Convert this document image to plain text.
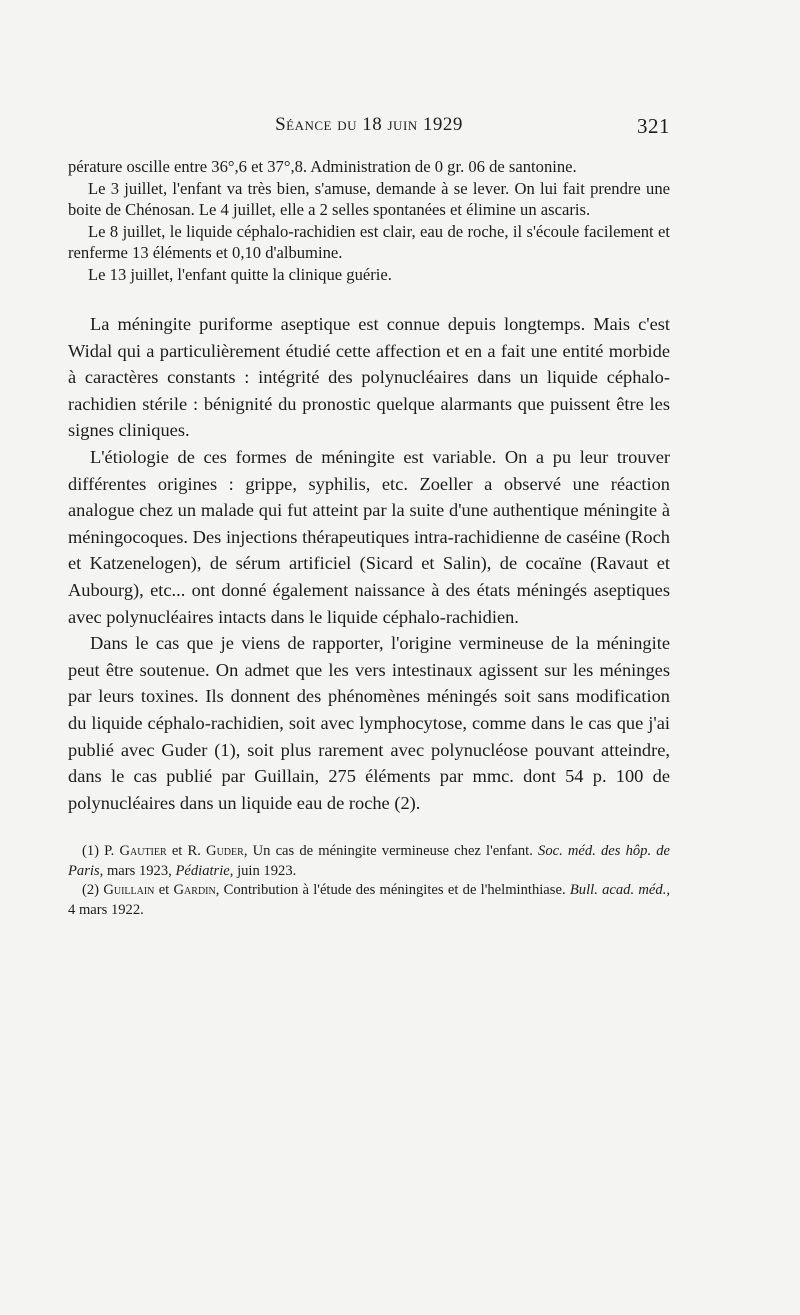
Séance du 18 juin 1929	321

pérature oscille entre 36°,6 et 37°,8. Administration de 0 gr. 06 de santonine.

Le 3 juillet, l'enfant va très bien, s'amuse, demande à se lever. On lui fait prendre une boite de Chénosan. Le 4 juillet, elle a 2 selles spontanées et élimine un ascaris.

Le 8 juillet, le liquide céphalo-rachidien est clair, eau de roche, il s'écoule facilement et renferme 13 éléments et 0,10 d'albumine.

Le 13 juillet, l'enfant quitte la clinique guérie.

La méningite puriforme aseptique est connue depuis longtemps. Mais c'est Widal qui a particulièrement étudié cette affection et en a fait une entité morbide à caractères constants : intégrité des polynucléaires dans un liquide céphalo-rachidien stérile : bénignité du pronostic quelque alarmants que puissent être les signes cliniques.

L'étiologie de ces formes de méningite est variable. On a pu leur trouver différentes origines : grippe, syphilis, etc. Zoeller a observé une réaction analogue chez un malade qui fut atteint par la suite d'une authentique méningite à méningocoques. Des injections thérapeutiques intra-rachidienne de caséine (Roch et Katzenelogen), de sérum artificiel (Sicard et Salin), de cocaïne (Ravaut et Aubourg), etc... ont donné également naissance à des états méningés aseptiques avec polynucléaires intacts dans le liquide céphalo-rachidien.

Dans le cas que je viens de rapporter, l'origine vermineuse de la méningite peut être soutenue. On admet que les vers intestinaux agissent sur les méninges par leurs toxines. Ils donnent des phénomènes méningés soit sans modification du liquide céphalo-rachidien, soit avec lymphocytose, comme dans le cas que j'ai publié avec Guder (1), soit plus rarement avec polynucléose pouvant atteindre, dans le cas publié par Guillain, 275 éléments par mmc. dont 54 p. 100 de polynucléaires dans un liquide eau de roche (2).

(1) P. Gautier et R. Guder, Un cas de méningite vermineuse chez l'enfant. Soc. méd. des hôp. de Paris, mars 1923, Pédiatrie, juin 1923.

(2) Guillain et Gardin, Contribution à l'étude des méningites et de l'helminthiase. Bull. acad. méd., 4 mars 1922.
